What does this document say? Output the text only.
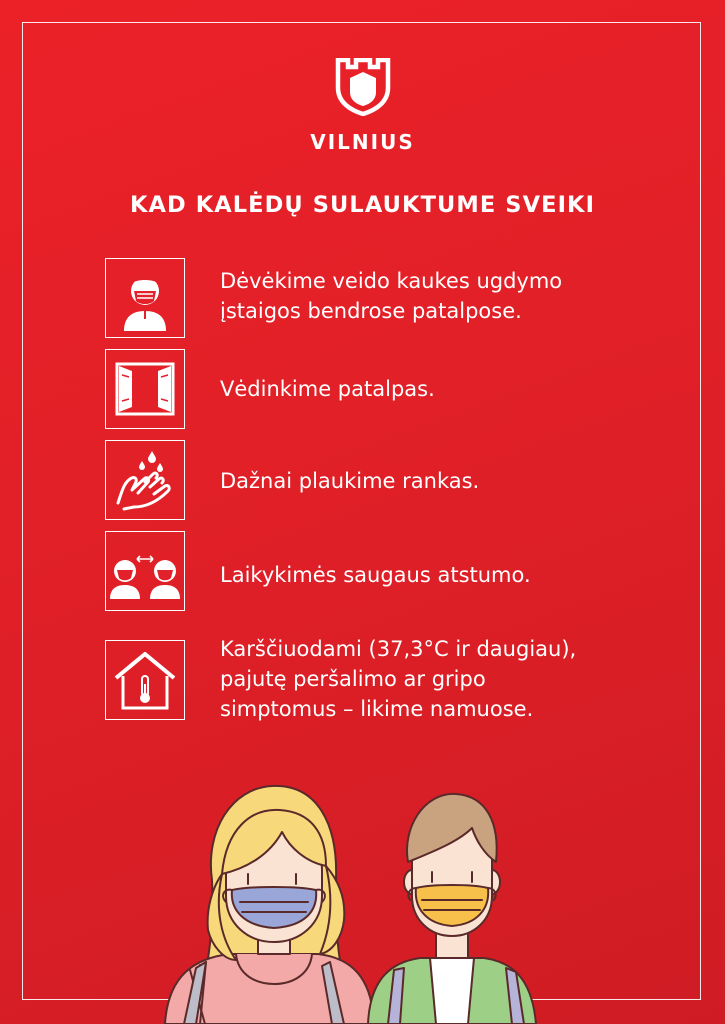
VILNIUS
KAD KALĖDŲ SULAUKTUME SVEIKI
Dėvėkime veido kaukes ugdymo
įstaigos bendrose patalpose.
Vėdinkime patalpas.
Dažnai plaukime rankas.
Laikykimės saugaus atstumo.
Karščiuodami (37,3°C ir daugiau),
pajutę peršalimo ar gripo
simptomus – likime namuose.
